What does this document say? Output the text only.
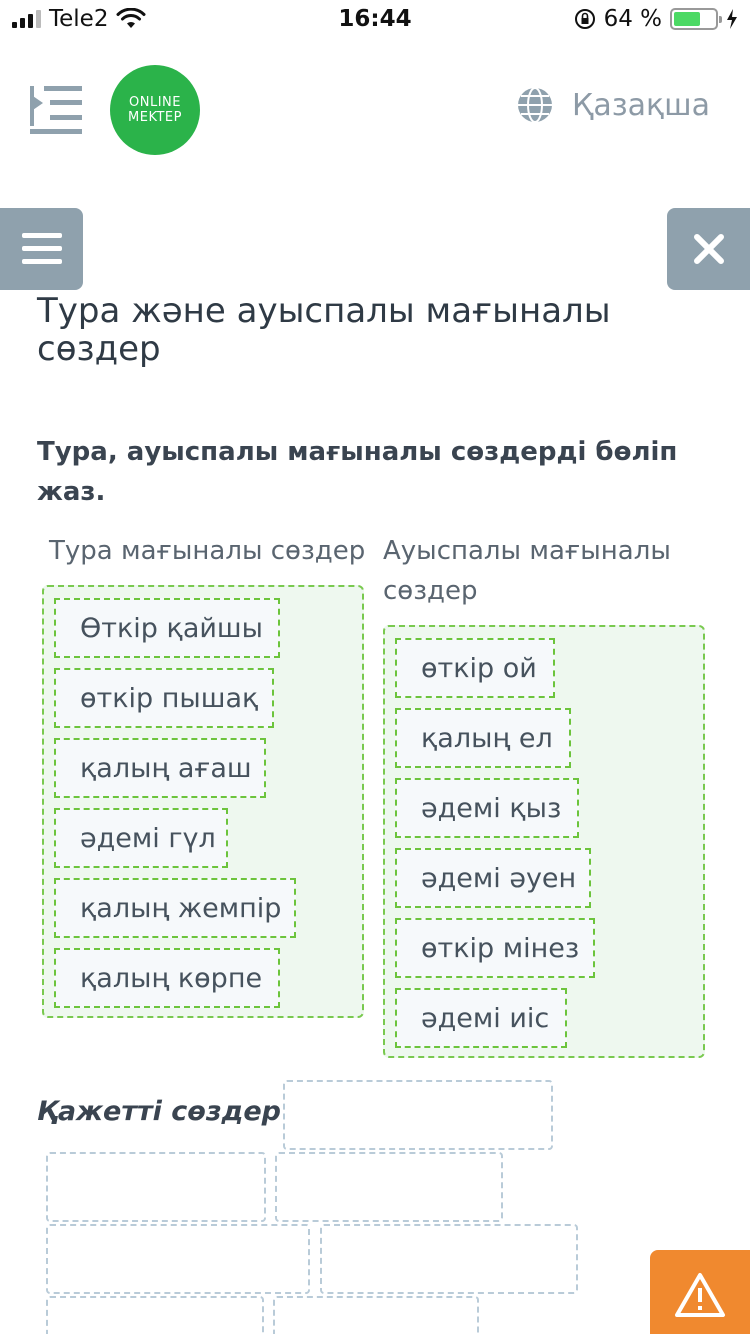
Tele2	16:44	64 %
ONLINE
MEKTEP	Қазақша
Тура және ауыспалы мағыналы сөздер
Тура, ауыспалы мағыналы сөздерді бөліп жаз.
Тура мағыналы сөздер Ауыспалы мағыналы сөздер
Өткір қайшы
өткір пышақ
қалың ағаш
әдемі гүл
қалың жемпір
қалың көрпе
өткір ой
қалың ел
әдемі қыз
әдемі әуен
өткір мінез
әдемі иіс
Қажетті сөздер
